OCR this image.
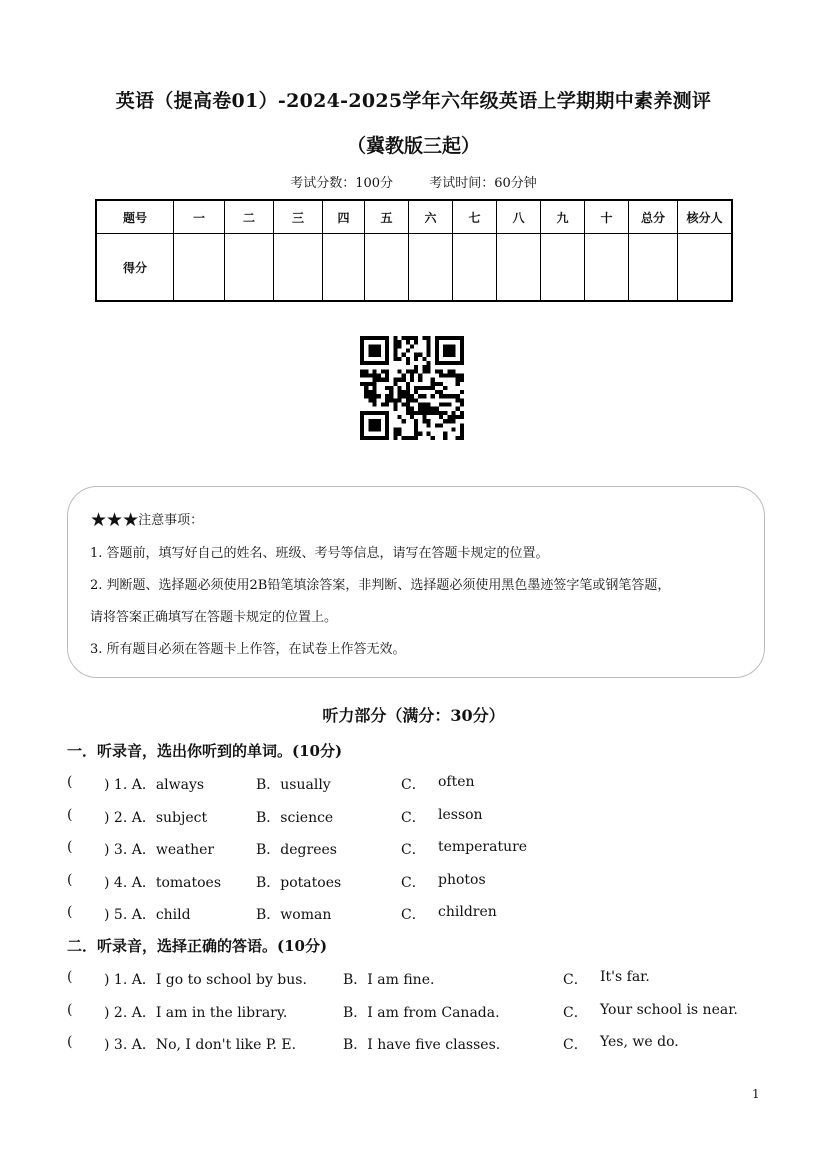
英语（提高卷01）-2024-2025学年六年级英语上学期期中素养测评
（冀教版三起）
考试分数：100分	考试时间：60分钟
题号	一	二	三	四	五	六	七	八	九	十	总分	核分人
得分												
★★★注意事项：
1. 答题前，填写好自己的姓名、班级、考号等信息，请写在答题卡规定的位置。
2. 判断题、选择题必须使用2B铅笔填涂答案，非判断、选择题必须使用黑色墨迹签字笔或钢笔答题，
请将答案正确填写在答题卡规定的位置上。
3. 所有题目必须在答题卡上作答，在试卷上作答无效。
听力部分（满分：30分）
一．听录音，选出你听到的单词。(10分)
( ) 1. A．always	B．usually	C． often
( ) 2. A．subject	B．science	C． lesson
( ) 3. A．weather	B．degrees	C． temperature
( ) 4. A．tomatoes B．potatoes	C． photos
( ) 5. A．child	B．woman	C． children
二．听录音，选择正确的答语。(10分)
( ) 1. A．I go to school by bus.	B．I am fine.	C． It's far.
( ) 2. A．I am in the library.	B．I am from Canada.	C． Your school is near.
( ) 3. A．No, I don't like P. E.	B．I have five classes.	C． Yes, we do.
1
